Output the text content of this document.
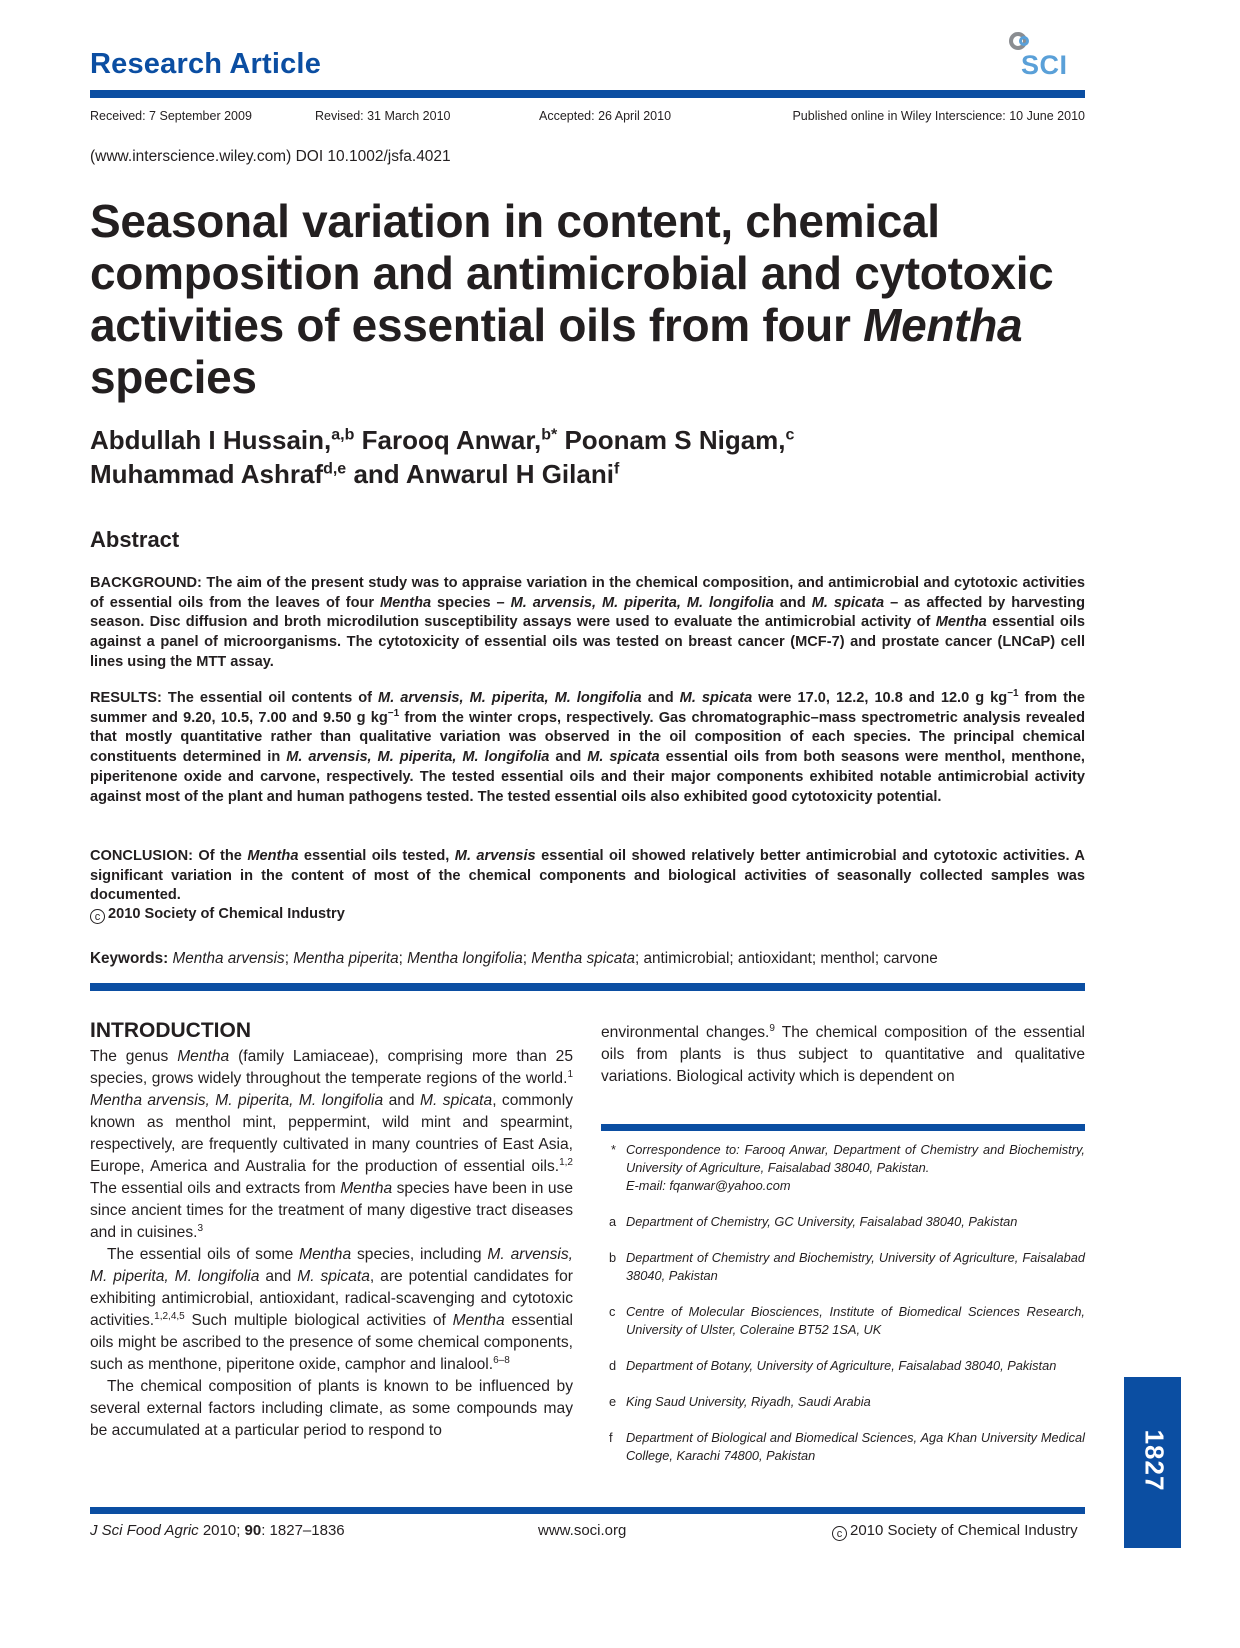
Research Article	SCI
Received: 7 September 2009	Revised: 31 March 2010	Accepted: 26 April 2010	Published online in Wiley Interscience: 10 June 2010
(www.interscience.wiley.com) DOI 10.1002/jsfa.4021
Seasonal variation in content, chemical composition and antimicrobial and cytotoxic activities of essential oils from four Mentha species
Abdullah I Hussain,$^{a,b}$ Farooq Anwar,$^{b*}$ Poonam S Nigam,$^c$
Muhammad Ashraf$^{d,e}$ and Anwarul H Gilani$^f$
Abstract
BACKGROUND: The aim of the present study was to appraise variation in the chemical composition, and antimicrobial and cytotoxic activities of essential oils from the leaves of four Mentha species – M. arvensis, M. piperita, M. longifolia and M. spicata – as affected by harvesting season. Disc diffusion and broth microdilution susceptibility assays were used to evaluate the antimicrobial activity of Mentha essential oils against a panel of microorganisms. The cytotoxicity of essential oils was tested on breast cancer (MCF-7) and prostate cancer (LNCaP) cell lines using the MTT assay.
RESULTS: The essential oil contents of M. arvensis, M. piperita, M. longifolia and M. spicata were 17.0, 12.2, 10.8 and 12.0 g $kg^{-1}$ from the summer and 9.20, 10.5, 7.00 and 9.50 g $kg^{-1}$ from the winter crops, respectively. Gas chromatographic–mass spectrometric analysis revealed that mostly quantitative rather than qualitative variation was observed in the oil composition of each species. The principal chemical constituents determined in M. arvensis, M. piperita, M. longifolia and M. spicata essential oils from both seasons were menthol, menthone, piperitenone oxide and carvone, respectively. The tested essential oils and their major components exhibited notable antimicrobial activity against most of the plant and human pathogens tested. The tested essential oils also exhibited good cytotoxicity potential.
CONCLUSION: Of the Mentha essential oils tested, M. arvensis essential oil showed relatively better antimicrobial and cytotoxic activities. A significant variation in the content of most of the chemical components and biological activities of seasonally collected samples was documented.
c 2010 Society of Chemical Industry
Keywords: Mentha arvensis; Mentha piperita; Mentha longifolia; Mentha spicata; antimicrobial; antioxidant; menthol; carvone
INTRODUCTION

The genus Mentha (family Lamiaceae), comprising more than 25 species, grows widely throughout the temperate regions of the world.$^1$ Mentha arvensis, M. piperita, M. longifolia and M. spicata, commonly known as menthol mint, peppermint, wild mint and spearmint, respectively, are frequently cultivated in many countries of East Asia, Europe, America and Australia for the production of essential oils.$^{1,2}$ The essential oils and extracts from Mentha species have been in use since ancient times for the treatment of many digestive tract diseases and in cuisines.$^3$

The essential oils of some Mentha species, including M. arvensis, M. piperita, M. longifolia and M. spicata, are potential candidates for exhibiting antimicrobial, antioxidant, radical-scavenging and cytotoxic activities.$^{1,2,4,5}$ Such multiple biological activities of Mentha essential oils might be ascribed to the presence of some chemical components, such as menthone, piperitone oxide, camphor and linalool.$^{6-8}$

The chemical composition of plants is known to be influenced by several external factors including climate, as some compounds may be accumulated at a particular period to respond to

environmental changes.$^9$ The chemical composition of the essential oils from plants is thus subject to quantitative and qualitative variations. Biological activity which is dependent on
* Correspondence to: Farooq Anwar, Department of Chemistry and Biochemistry, University of Agriculture, Faisalabad 38040, Pakistan.
E-mail: fqanwar@yahoo.com
a Department of Chemistry, GC University, Faisalabad 38040, Pakistan
b Department of Chemistry and Biochemistry, University of Agriculture, Faisalabad 38040, Pakistan
c Centre of Molecular Biosciences, Institute of Biomedical Sciences Research, University of Ulster, Coleraine BT52 1SA, UK
d Department of Botany, University of Agriculture, Faisalabad 38040, Pakistan
e King Saud University, Riyadh, Saudi Arabia
f Department of Biological and Biomedical Sciences, Aga Khan University Medical College, Karachi 74800, Pakistan	1827
J Sci Food Agric 2010; 90: 1827–1836	www.soci.org	c 2010 Society of Chemical Industry
